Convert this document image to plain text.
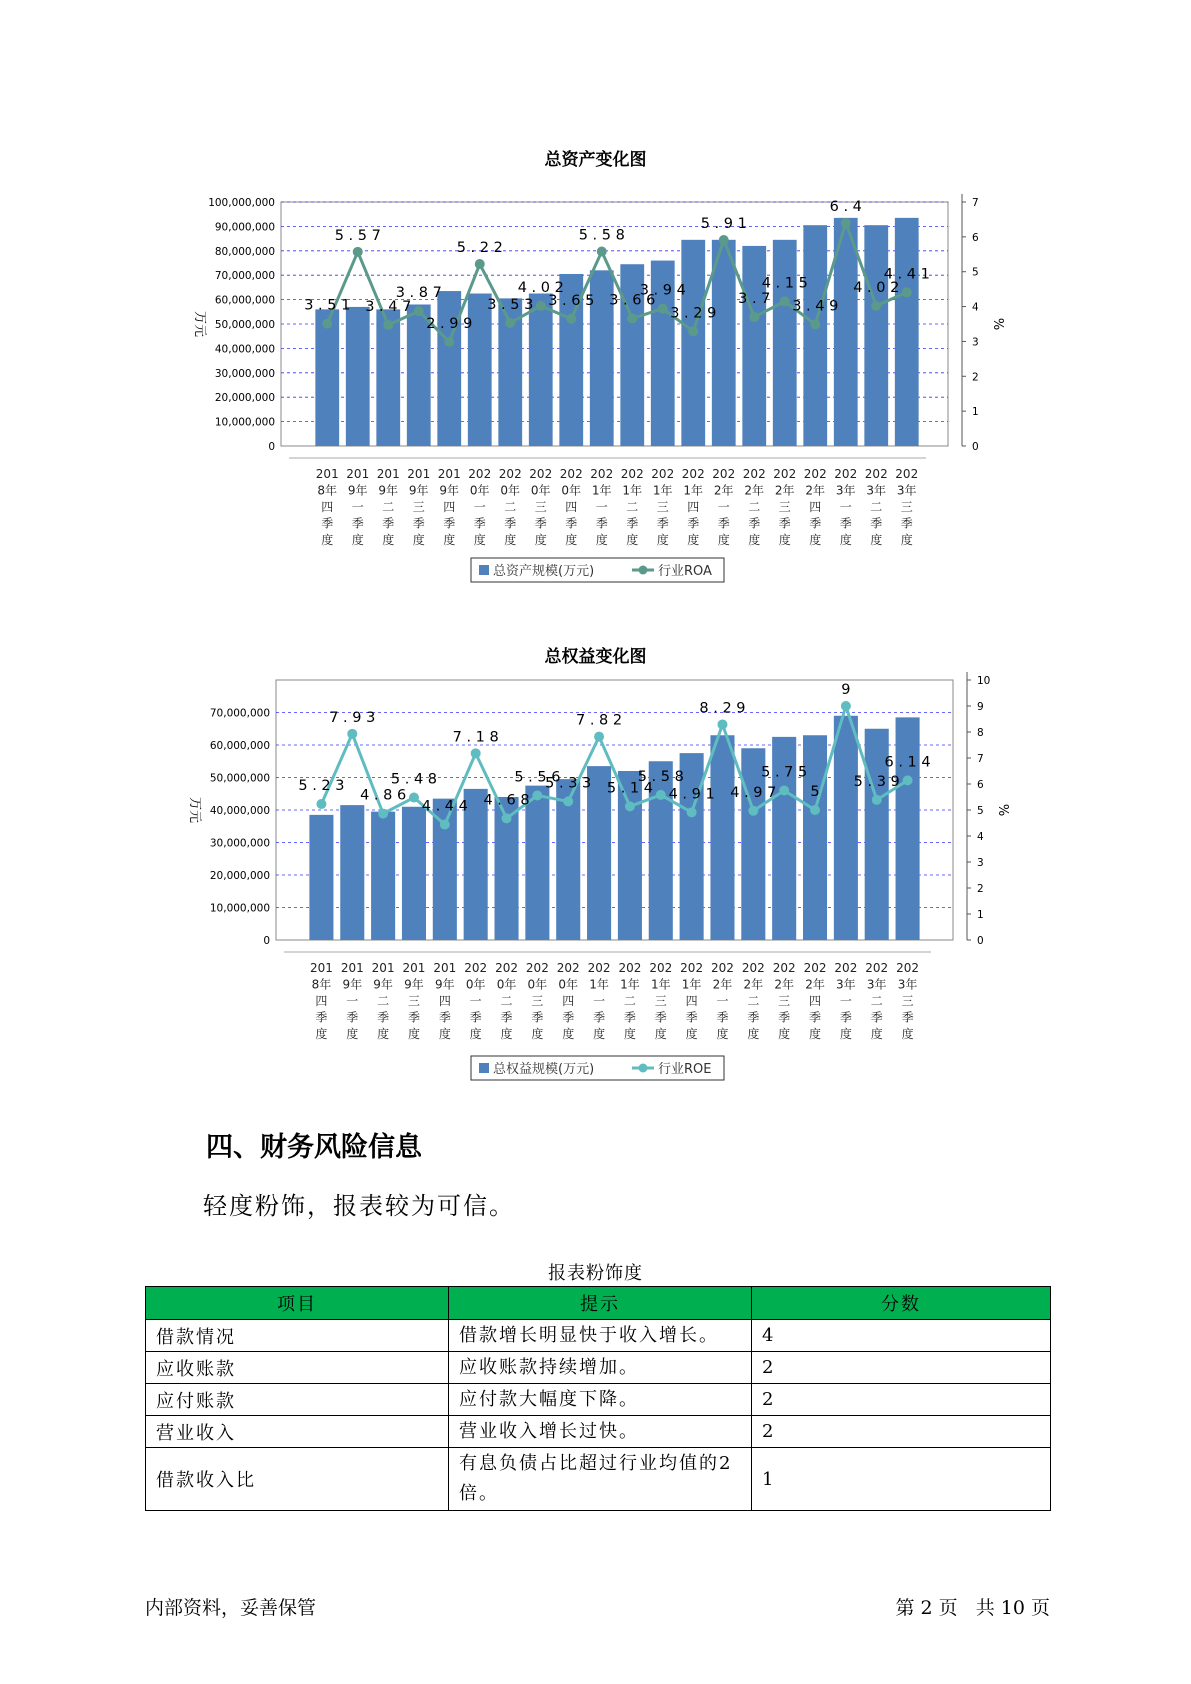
总资产变化图
0
10,000,000
20,000,000
30,000,000
40,000,000
50,000,000
60,000,000
70,000,000
80,000,000
90,000,000
100,000,000
0
1
2
3
4
5
6
7
万元	%
201
8年
四
季
度
201
9年
一
季
度
201
9年
二
季
度
201
9年
三
季
度
201
9年
四
季
度
202
0年
一
季
度
202
0年
二
季
度
202
0年
三
季
度
202
0年
四
季
度
202
1年
一
季
度
202
1年
二
季
度
202
1年
三
季
度
202
1年
四
季
度
202
2年
一
季
度
202
2年
二
季
度
202
2年
三
季
度
202
2年
四
季
度
202
3年
一
季
度
202
3年
二
季
度
202
3年
三
季
度
3 . 5 1
5 . 5 7
3 . 4 7
3 . 8 7
2 . 9 9
5 . 2 2
3 . 5 3
4 . 0 2
3 . 6 5
5 . 5 8
3 . 6 6
3 . 9 4
3 . 2 9
5 . 9 1
3 . 7
4 . 1 5
3 . 4 9
6 . 4
4 . 0 2
4 . 4 1
总资产规模(万元)	行业ROA
总权益变化图
0
10,000,000
20,000,000
30,000,000
40,000,000
50,000,000
60,000,000
70,000,000
0
1
2
3
4
5
6
7
8
9
10
万元	%
201
8年
四
季
度
201
9年
一
季
度
201
9年
二
季
度
201
9年
三
季
度
201
9年
四
季
度
202
0年
一
季
度
202
0年
二
季
度
202
0年
三
季
度
202
0年
四
季
度
202
1年
一
季
度
202
1年
二
季
度
202
1年
三
季
度
202
1年
四
季
度
202
2年
一
季
度
202
2年
二
季
度
202
2年
三
季
度
202
2年
四
季
度
202
3年
一
季
度
202
3年
二
季
度
202
3年
三
季
度
5 . 2 3
7 . 9 3
4 . 8 6
5 . 4 8
4 . 4 4
7 . 1 8
4 . 6 8
5 . 5 6
5 . 3 3
7 . 8 2
5 . 1 4
5 . 5 8
4 . 9 1
8 . 2 9
4 . 9 7
5 . 7 5
5
9
5 . 3 9
6 . 1 4
总权益规模(万元)	行业ROE
四、财务风险信息
轻度粉饰，报表较为可信。
报表粉饰度
项目	提示	分数
借款情况	借款增长明显快于收入增长。	4
应收账款	应收账款持续增加。	2
应付账款	应付款大幅度下降。	2
营业收入	营业收入增长过快。	2
借款收入比	有息负债占比超过行业均值的2倍。	1
内部资料，妥善保管	第 2 页   共 10 页
